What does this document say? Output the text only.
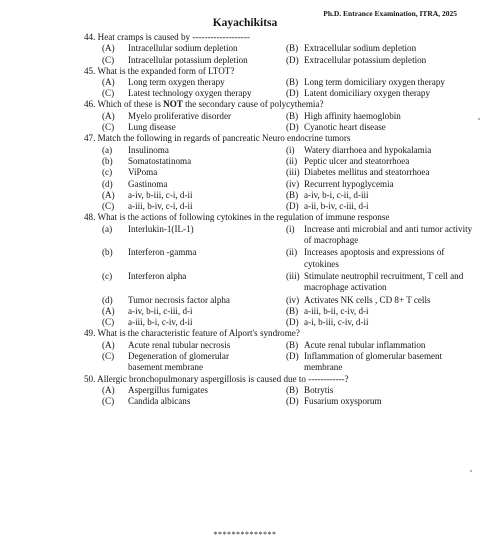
Ph.D. Entrance Examination, ITRA, 2025
Kayachikitsa
44. Heat cramps is caused by -------------------
(A)	Intracellular sodium depletion	(B) Extracellular sodium depletion
(C)	Intracellular potassium depletion	(D) Extracellular potassium depletion
45. What is the expanded form of LTOT?
(A)	Long term oxygen therapy	(B) Long term domiciliary oxygen therapy
(C)	Latest technology oxygen therapy	(D) Latent domiciliary oxygen therapy
46. Which of these is NOT the secondary cause of polycythemia?
(A)	Myelo proliferative disorder	(B) High affinity haemoglobin
(C)	Lung disease	(D) Cyanotic heart disease
47. Match the following in regards of pancreatic Neuro endocrine tumors
(a)	Insulinoma	(i)	Watery diarrhoea and hypokalamia
(b)	Somatostatinoma	(ii) Peptic ulcer and steatorrhoea
(c)	ViPoma	(iii) Diabetes mellitus and steatorrhoea
(d)	Gastinoma	(iv) Recurrent hypoglycemia
(A)	a-iv, b-iii, c-i, d-ii	(B) a-iv, b-i, c-ii, d-iii
(C)	a-iii, b-iv, c-i, d-ii	(D) a-ii, b-iv, c-iii, d-i
48. What is the actions of following cytokines in the regulation of immune response
(a)	Interlukin-1(IL-1)	(i)	Increase anti microbial and anti tumor activity of macrophage
(b)	Interferon -gamma	(ii) Increases apoptosis and expressions of cytokines
(c)	Interferon alpha	(iii) Stimulate neutrophil recruitment, T cell and macrophage activation
(d)	Tumor necrosis factor alpha	(iv) Activates NK cells , CD 8+ T cells
(A)	a-iv, b-ii, c-iii, d-i	(B) a-iii, b-ii, c-iv, d-i
(C)	a-iii, b-i, c-iv, d-ii	(D) a-i, b-iii, c-iv, d-ii
49. What is the characteristic feature of Alport's syndrome?
(A)	Acute renal tubular necrosis	(B) Acute renal tubular inflammation
(C)	Degeneration of glomerular basement membrane
(D) Inflammation of glomerular basement membrane
50. Allergic bronchopulmonary aspergillosis is caused due to ------------?
(A)	Aspergillus fumigates	(B) Botrytis
(C)	Candida albicans	(D) Fusarium oxysporum
**************
